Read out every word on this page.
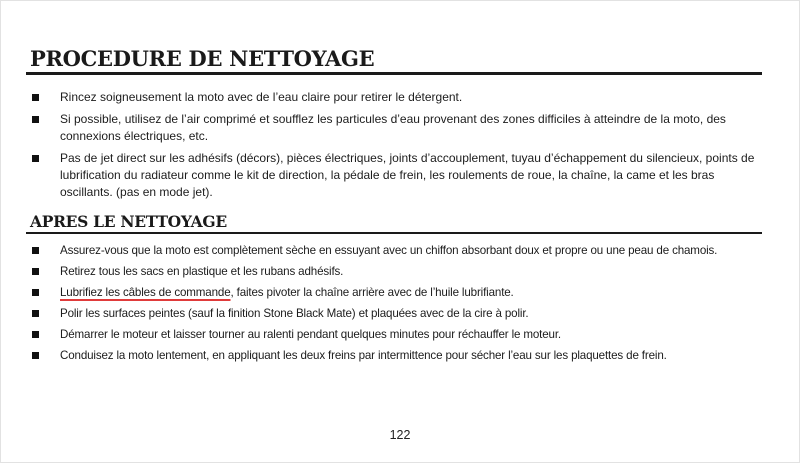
PROCEDURE DE NETTOYAGE
Rincez soigneusement la moto avec de l’eau claire pour retirer le détergent.
Si possible, utilisez de l’air comprimé et soufflez les particules d’eau provenant des zones difficiles à atteindre de la moto, des connexions électriques, etc.
Pas de jet direct sur les adhésifs (décors), pièces électriques, joints d’accouplement, tuyau d’échappement du silencieux, points de lubrification du radiateur comme le kit de direction, la pédale de frein, les roulements de roue, la chaîne, la came et les bras oscillants. (pas en mode jet).
APRES LE NETTOYAGE
Assurez-vous que la moto est complètement sèche en essuyant avec un chiffon absorbant doux et propre ou une peau de chamois.
Retirez tous les sacs en plastique et les rubans adhésifs.
Lubrifiez les câbles de commande, faites pivoter la chaîne arrière avec de l’huile lubrifiante.
Polir les surfaces peintes (sauf la finition Stone Black Mate) et plaquées avec de la cire à polir.
Démarrer le moteur et laisser tourner au ralenti pendant quelques minutes pour réchauffer le moteur.
Conduisez la moto lentement, en appliquant les deux freins par intermittence pour sécher l’eau sur les plaquettes de frein.
122
